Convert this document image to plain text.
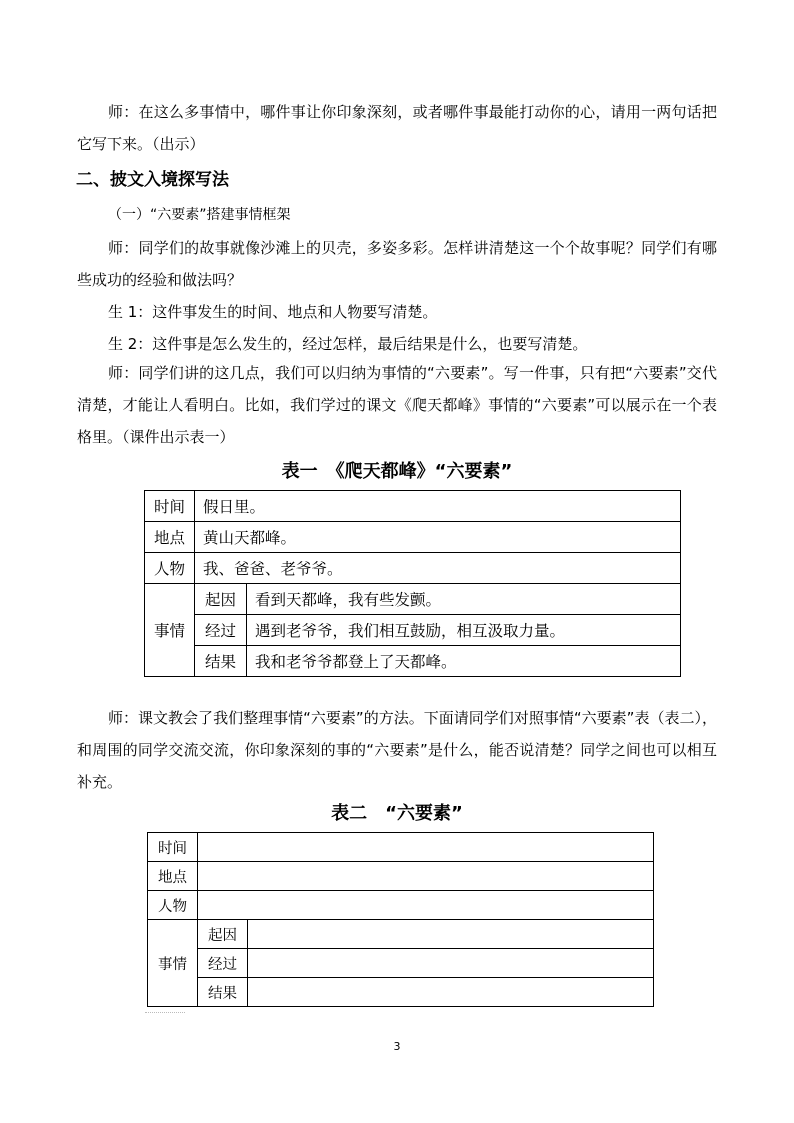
师：在这么多事情中，哪件事让你印象深刻，或者哪件事最能打动你的心，请用一两句话把它写下来。（出示）

二、披文入境探写法

（一）“六要素”搭建事情框架

师：同学们的故事就像沙滩上的贝壳，多姿多彩。怎样讲清楚这一个个故事呢？同学们有哪些成功的经验和做法吗？

生 1：这件事发生的时间、地点和人物要写清楚。

生 2：这件事是怎么发生的，经过怎样，最后结果是什么，也要写清楚。

师：同学们讲的这几点，我们可以归纳为事情的“六要素”。写一件事，只有把“六要素”交代清楚，才能让人看明白。比如，我们学过的课文《爬天都峰》事情的“六要素”可以展示在一个表格里。（课件出示表一）

表一　《爬天都峰》“六要素”

时间	假日里。	
地点	黄山天都峰。	
人物	我、爸爸、老爷爷。	
事情	起因	看到天都峰，我有些发颤。
	经过	遇到老爷爷，我们相互鼓励，相互汲取力量。
	结果	我和老爷爷都登上了天都峰。

师：课文教会了我们整理事情“六要素”的方法。下面请同学们对照事情“六要素”表（表二），和周围的同学交流交流，你印象深刻的事的“六要素”是什么，能否说清楚？同学之间也可以相互补充。

表二　“六要素”

时间		
地点		
人物		
事情	起因	
	经过	
	结果	

3
